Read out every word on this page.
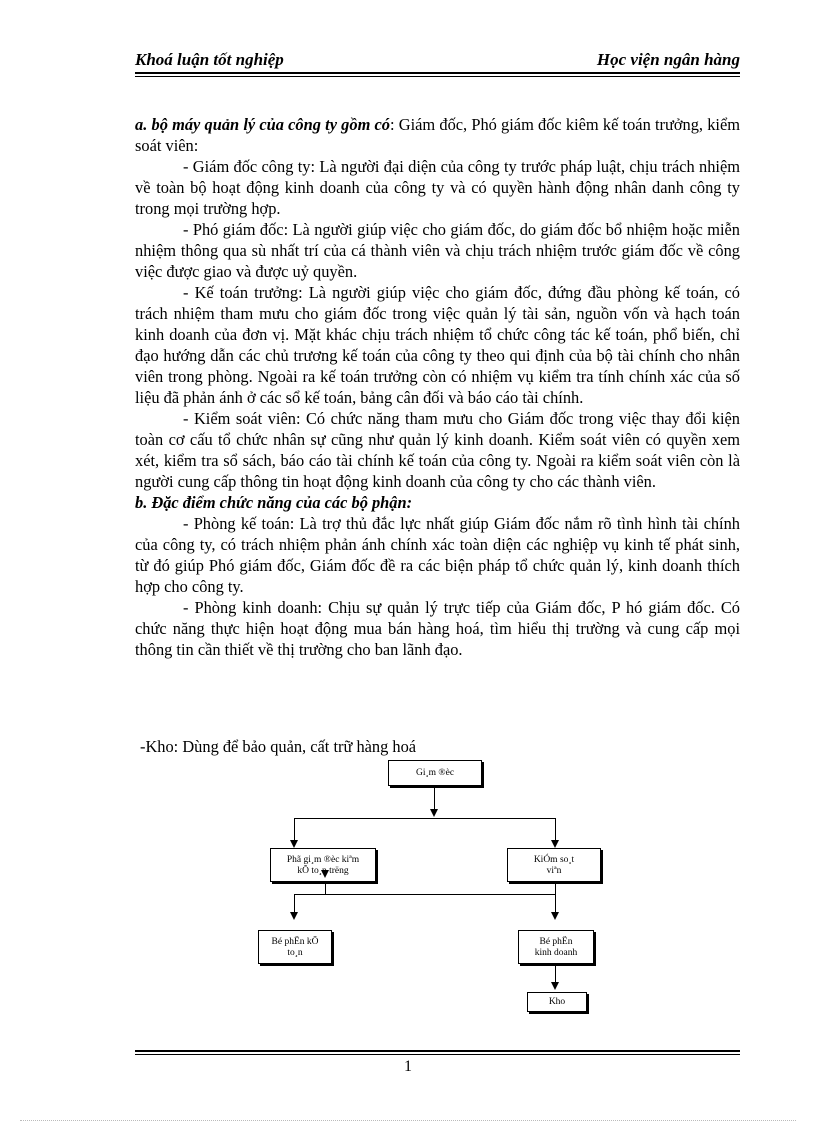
Khoá luận tốt nghiệp	Học viện ngân hàng

a. bộ máy quản lý của công ty gồm có: Giám đốc, Phó giám đốc kiêm kế toán trưởng, kiểm soát viên:

- Giám đốc công ty: Là người đại diện của công ty trước pháp luật, chịu trách nhiệm về toàn bộ hoạt động kinh doanh của công ty và có quyền hành động nhân danh công ty trong mọi trường hợp.

- Phó giám đốc: Là người giúp việc cho giám đốc, do giám đốc bổ nhiệm hoặc miễn nhiệm thông qua sù nhất trí của cá thành viên và chịu trách nhiệm trước giám đốc về công việc được giao và được uỷ quyền.

- Kế toán trưởng: Là người giúp việc cho giám đốc, đứng đầu phòng kế toán, có trách nhiệm tham mưu cho giám đốc trong việc quản lý tài sản, nguồn vốn và hạch toán kinh doanh của đơn vị. Mặt khác chịu trách nhiệm tổ chức công tác kế toán, phổ biến, chỉ đạo hướng dẫn các chủ trương kế toán của công ty theo qui định của bộ tài chính cho nhân viên trong phòng. Ngoài ra kế toán trưởng còn có nhiệm vụ kiểm tra tính chính xác của số liệu đã phản ánh ở các sổ kế toán, bảng cân đối và báo cáo tài chính.

- Kiểm soát viên: Có chức năng tham mưu cho Giám đốc trong việc thay đổi kiện toàn cơ cấu tổ chức nhân sự cũng như quản lý kinh doanh. Kiểm soát viên có quyền xem xét, kiểm tra sổ sách, báo cáo tài chính kế toán của công ty. Ngoài ra kiểm soát viên còn là người cung cấp thông tin hoạt động kinh doanh của công ty cho các thành viên.

b. Đặc điểm chức năng của các bộ phận:

- Phòng kế toán: Là trợ thủ đắc lực nhất giúp Giám đốc nắm rõ tình hình tài chính của công ty, có trách nhiệm phản ánh chính xác toàn diện các nghiệp vụ kinh tế phát sinh, từ đó giúp Phó giám đốc, Giám đốc đề ra các biện pháp tổ chức quản lý, kinh doanh thích hợp cho công ty.

- Phòng kinh doanh: Chịu sự quản lý trực tiếp của Giám đốc, P hó giám đốc. Có chức năng thực hiện hoạt động mua bán hàng hoá, tìm hiểu thị trường và cung cấp mọi thông tin cần thiết về thị trường cho ban lãnh đạo.

-Kho: Dùng để bảo quản, cất trữ hàng hoá
Gi¸m ®èc
Phã gi¸m ®èc kiªm
kÕ to¸n trëng
KiÓm so¸t
viªn
Bé phËn kÕ
to¸n
Bé phËn
kinh doanh
Kho
1
